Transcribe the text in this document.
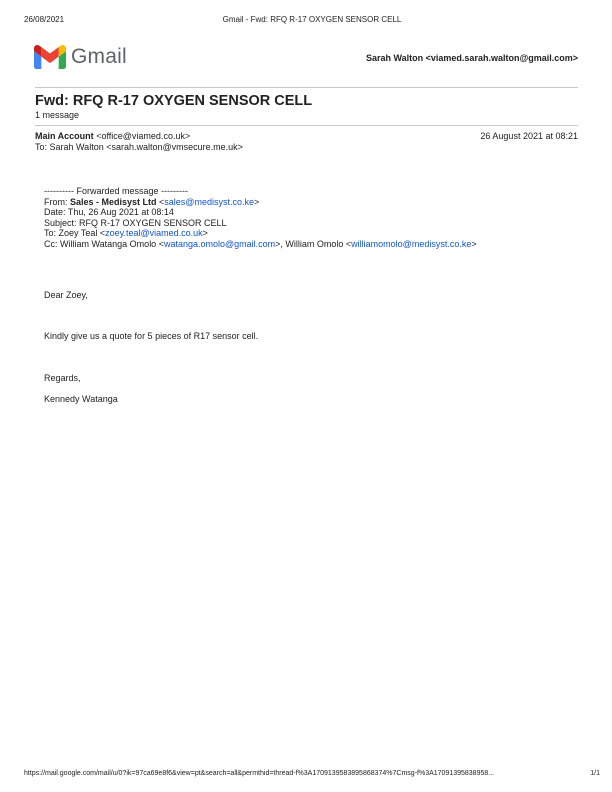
26/08/2021	Gmail - Fwd: RFQ R-17 OXYGEN SENSOR CELL
Gmail	Sarah Walton <viamed.sarah.walton@gmail.com>
Fwd: RFQ R-17 OXYGEN SENSOR CELL
1 message
Main Account <office@viamed.co.uk>	26 August 2021 at 08:21
To: Sarah Walton <sarah.walton@vmsecure.me.uk>
---------- Forwarded message ---------
From: Sales - Medisyst Ltd <sales@medisyst.co.ke>
Date: Thu, 26 Aug 2021 at 08:14
Subject: RFQ R-17 OXYGEN SENSOR CELL
To: Zoey Teal <zoey.teal@viamed.co.uk>
Cc: William Watanga Omolo <watanga.omolo@gmail.com>, William Omolo <williamomolo@medisyst.co.ke>
Dear Zoey,
Kindly give us a quote for 5 pieces of R17 sensor cell.
Regards,
Kennedy Watanga
https://mail.google.com/mail/u/0?ik=97ca69e8f6&view=pt&search=all&permthid=thread-f%3A1709139583895868374%7Cmsg-f%3A17091395838958...	1/1
